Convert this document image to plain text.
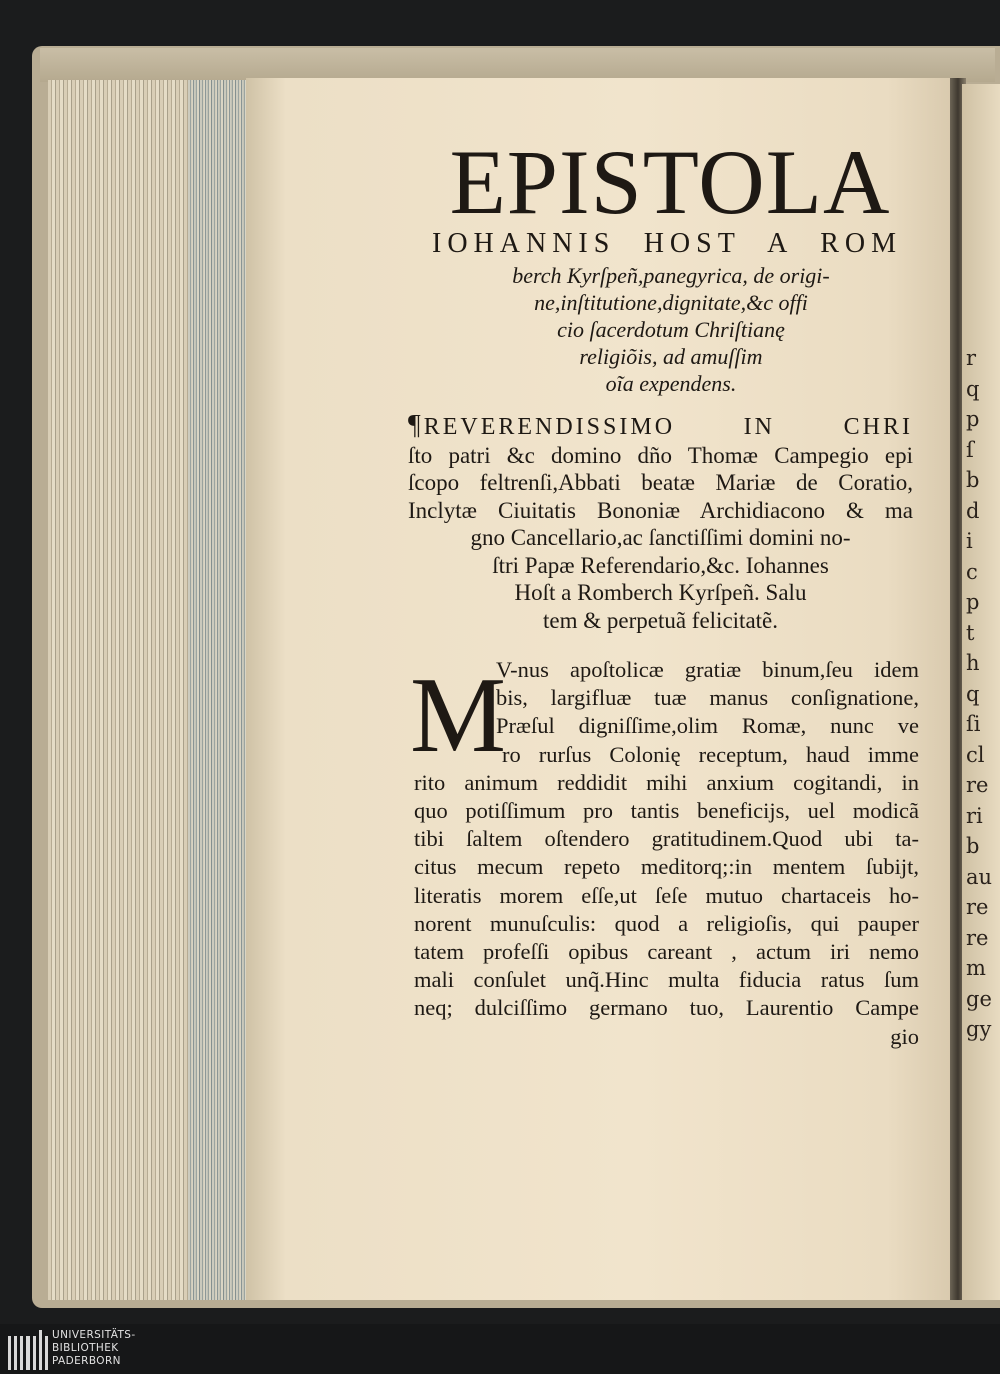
r
q
p
ſ
b
d
i
c
p
t
h
q
ſi
cl
re
ri
b
au
re
re
m
ge
gy
EPISTOLA
IOHANNIS HOST A ROM
berch Kyrſpeñ,panegyrica, de origi-
ne,inſtitutione,dignitate,&c offi
cio ſacerdotum Chriſtianę
religiõis, ad amuſſim
oĩa expendens.
¶REVERENDISSIMO IN CHRI
ſto patri &c domino dño Thomæ Campegio epi
ſcopo feltrenſi,Abbati beatæ Mariæ de Coratio,
Inclytæ Ciuitatis Bononiæ Archidiacono & ma
gno Cancellario,ac ſanctiſſimi domini no-
ſtri Papæ Referendario,&c. Iohannes
Hoſt a Romberch Kyrſpeñ. Salu
tem & perpetuã felicitatẽ.
M
V-nus apoſtolicæ gratiæ binum,ſeu idem
bis, largifluæ tuæ manus conſignatione,
Præſul digniſſime,olim Romæ, nunc ve
ro rurſus Colonię receptum, haud imme
rito animum reddidit mihi anxium cogitandi, in
quo potiſſimum pro tantis beneficijs, uel modicã
tibi ſaltem oſtendero gratitudinem.Quod ubi ta-
citus mecum repeto meditorq;:in mentem ſubijt,
literatis morem eſſe,ut ſeſe mutuo chartaceis ho-
norent munuſculis: quod a religioſis, qui pauper
tatem profeſſi opibus careant , actum iri nemo
mali conſulet unq̃.Hinc multa fiducia ratus ſum
neq; dulciſſimo germano tuo, Laurentio Campe
gio
UNIVERSITÄTS-
BIBLIOTHEK
PADERBORN
